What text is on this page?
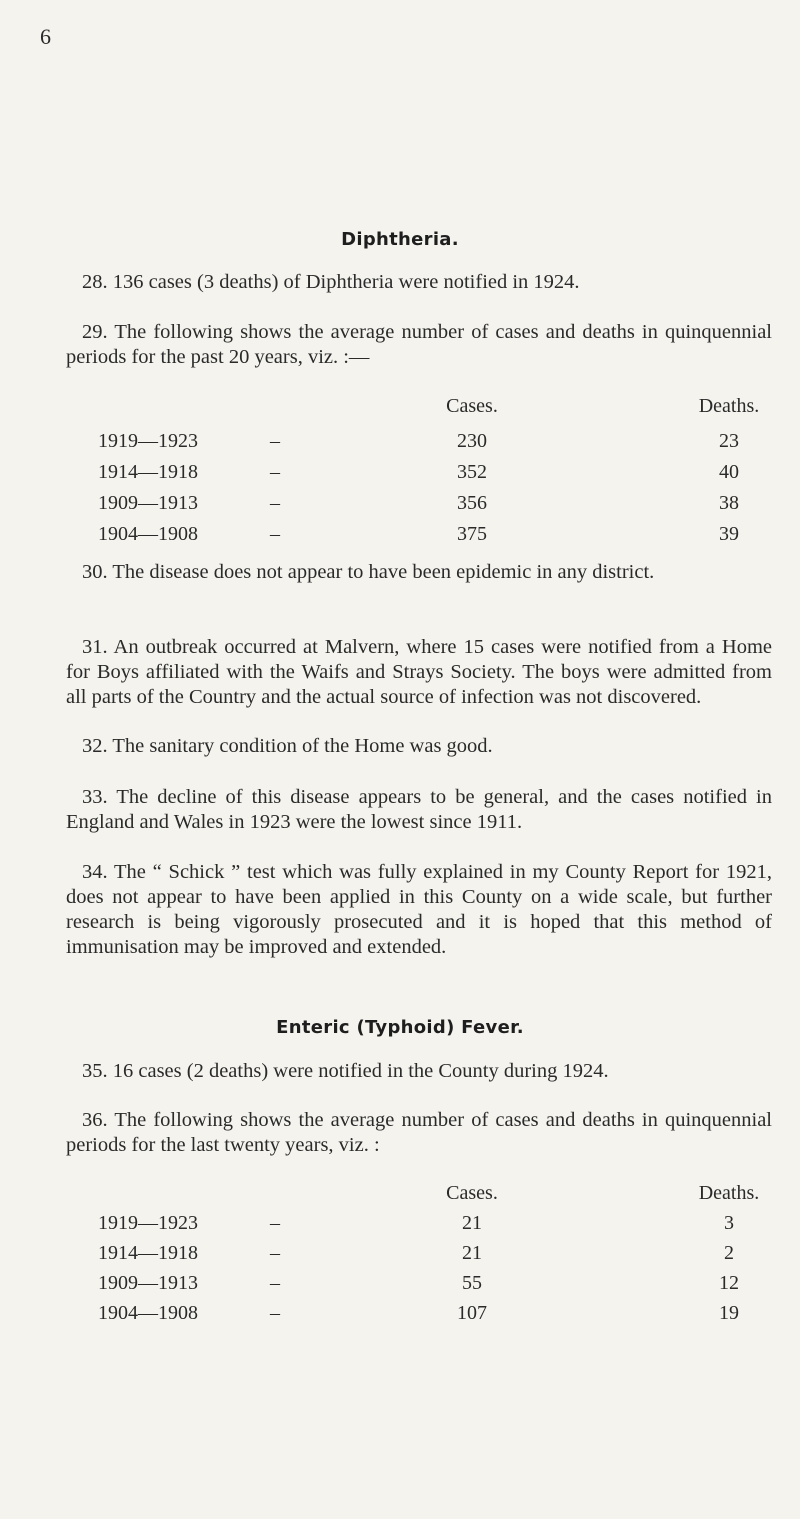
6
Diphtheria.

28. 136 cases (3 deaths) of Diphtheria were notified in 1924.

29. The following shows the average number of cases and deaths in quinquennial periods for the past 20 years, viz. :—

Cases.	Deaths.
1919—1923	–	230	23
1914—1918	–	352	40
1909—1913	–	356	38
1904—1908	–	375	39

30. The disease does not appear to have been epidemic in any district.

31. An outbreak occurred at Malvern, where 15 cases were notified from a Home for Boys affiliated with the Waifs and Strays Society. The boys were admitted from all parts of the Country and the actual source of infection was not discovered.

32. The sanitary condition of the Home was good.

33. The decline of this disease appears to be general, and the cases notified in England and Wales in 1923 were the lowest since 1911.

34. The “ Schick ” test which was fully explained in my County Report for 1921, does not appear to have been applied in this County on a wide scale, but further research is being vigorously prosecuted and it is hoped that this method of immunisation may be improved and extended.

Enteric (Typhoid) Fever.

35. 16 cases (2 deaths) were notified in the County during 1924.

36. The following shows the average number of cases and deaths in quinquennial periods for the last twenty years, viz. :

Cases.	Deaths.
1919—1923	–	21	3
1914—1918	–	21	2
1909—1913	–	55	12
1904—1908	–	107	19
